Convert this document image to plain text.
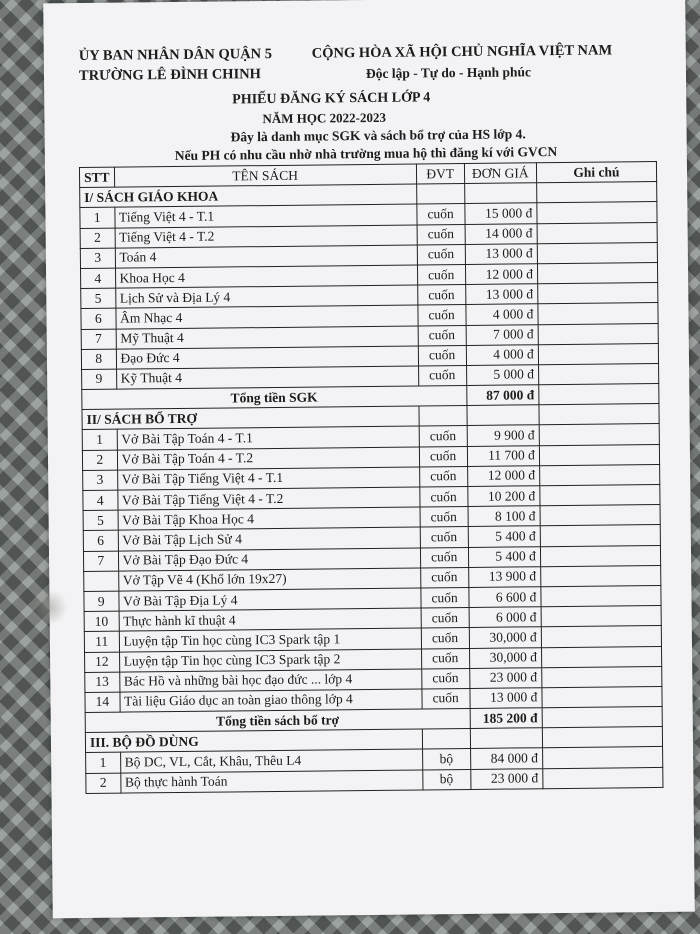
ỦY BAN NHÂN DÂN QUẬN 5
TRƯỜNG LÊ ĐÌNH CHINH
CỘNG HÒA XÃ HỘI CHỦ NGHĨA VIỆT NAM
Độc lập - Tự do - Hạnh phúc
PHIẾU ĐĂNG KÝ SÁCH LỚP 4
NĂM HỌC 2022-2023
Đây là danh mục SGK và sách bổ trợ của HS lớp 4.
Nếu PH có nhu cầu nhờ nhà trường mua hộ thì đăng kí với GVCN
STT	TÊN SÁCH	ĐVT	ĐƠN GIÁ	Ghi chú
I/ SÁCH GIÁO KHOA				
1	Tiếng Việt 4 - T.1	cuốn	15 000 đ	
2	Tiếng Việt 4 - T.2	cuốn	14 000 đ	
3	Toán 4	cuốn	13 000 đ	
4	Khoa Học 4	cuốn	12 000 đ	
5	Lịch Sử và Địa Lý 4	cuốn	13 000 đ	
6	Âm Nhạc 4	cuốn	4 000 đ	
7	Mỹ Thuật 4	cuốn	7 000 đ	
8	Đạo Đức 4	cuốn	4 000 đ	
9	Kỹ Thuật 4	cuốn	5 000 đ	
Tổng tiền SGK			87 000 đ	
II/ SÁCH BỔ TRỢ				
1	Vở Bài Tập Toán 4 - T.1	cuốn	9 900 đ	
2	Vở Bài Tập Toán 4 - T.2	cuốn	11 700 đ	
3	Vở Bài Tập Tiếng Việt 4 - T.1	cuốn	12 000 đ	
4	Vở Bài Tập Tiếng Việt 4 - T.2	cuốn	10 200 đ	
5	Vở Bài Tập Khoa Học 4	cuốn	8 100 đ	
6	Vở Bài Tập Lịch Sử 4	cuốn	5 400 đ	
7	Vở Bài Tập Đạo Đức 4	cuốn	5 400 đ	
	Vở Tập Vẽ 4 (Khổ lớn 19x27)	cuốn	13 900 đ	
9	Vở Bài Tập Địa Lý 4	cuốn	6 600 đ	
10	Thực hành kĩ thuật 4	cuốn	6 000 đ	
11	Luyện tập Tin học cùng IC3 Spark tập 1	cuốn	30,000 đ	
12	Luyện tập Tin học cùng IC3 Spark tập 2	cuốn	30,000 đ	
13	Bác Hồ và những bài học đạo đức ... lớp 4	cuốn	23 000 đ	
14	Tài liệu Giáo dục an toàn giao thông lớp 4	cuốn	13 000 đ	
Tổng tiền sách bổ trợ			185 200 đ	
III. BỘ ĐỒ DÙNG				
1	Bộ DC, VL, Cắt, Khâu, Thêu L4	bộ	84 000 đ	
2	Bộ thực hành Toán	bộ	23 000 đ	
